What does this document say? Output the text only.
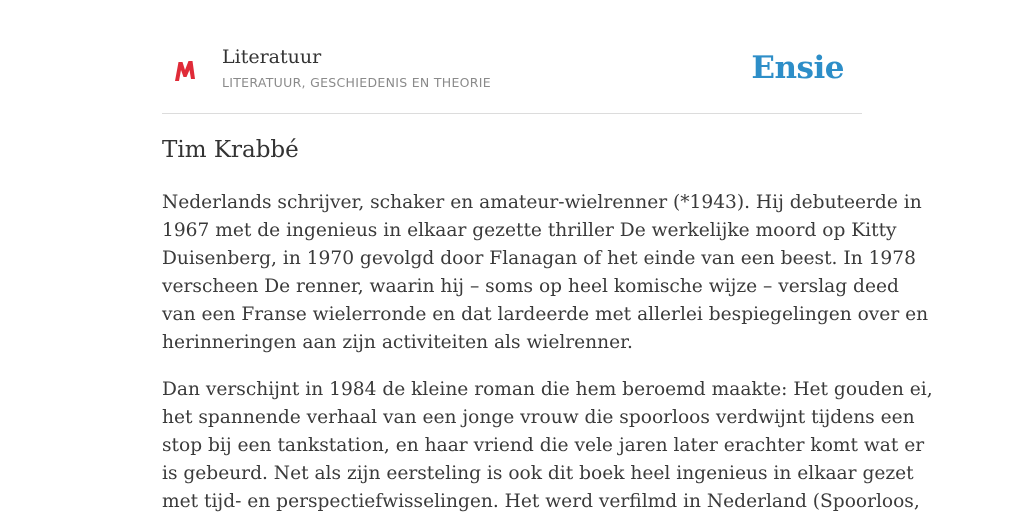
Literatuur
LITERATUUR, GESCHIEDENIS EN THEORIE	Ensie
Tim Krabbé

Nederlands schrijver, schaker en amateur-wielrenner (*1943). Hij debuteerde in
1967 met de ingenieus in elkaar gezette thriller De werkelijke moord op Kitty
Duisenberg, in 1970 gevolgd door Flanagan of het einde van een beest. In 1978
verscheen De renner, waarin hij – soms op heel komische wijze – verslag deed
van een Franse wielerronde en dat lardeerde met allerlei bespiegelingen over en
herinneringen aan zijn activiteiten als wielrenner.

Dan verschijnt in 1984 de kleine roman die hem beroemd maakte: Het gouden ei,
het spannende verhaal van een jonge vrouw die spoorloos verdwijnt tijdens een
stop bij een tankstation, en haar vriend die vele jaren later erachter komt wat er
is gebeurd. Net als zijn eersteling is ook dit boek heel ingenieus in elkaar gezet
met tijd- en perspectiefwisselingen. Het werd verfilmd in Nederland (Spoorloos,
